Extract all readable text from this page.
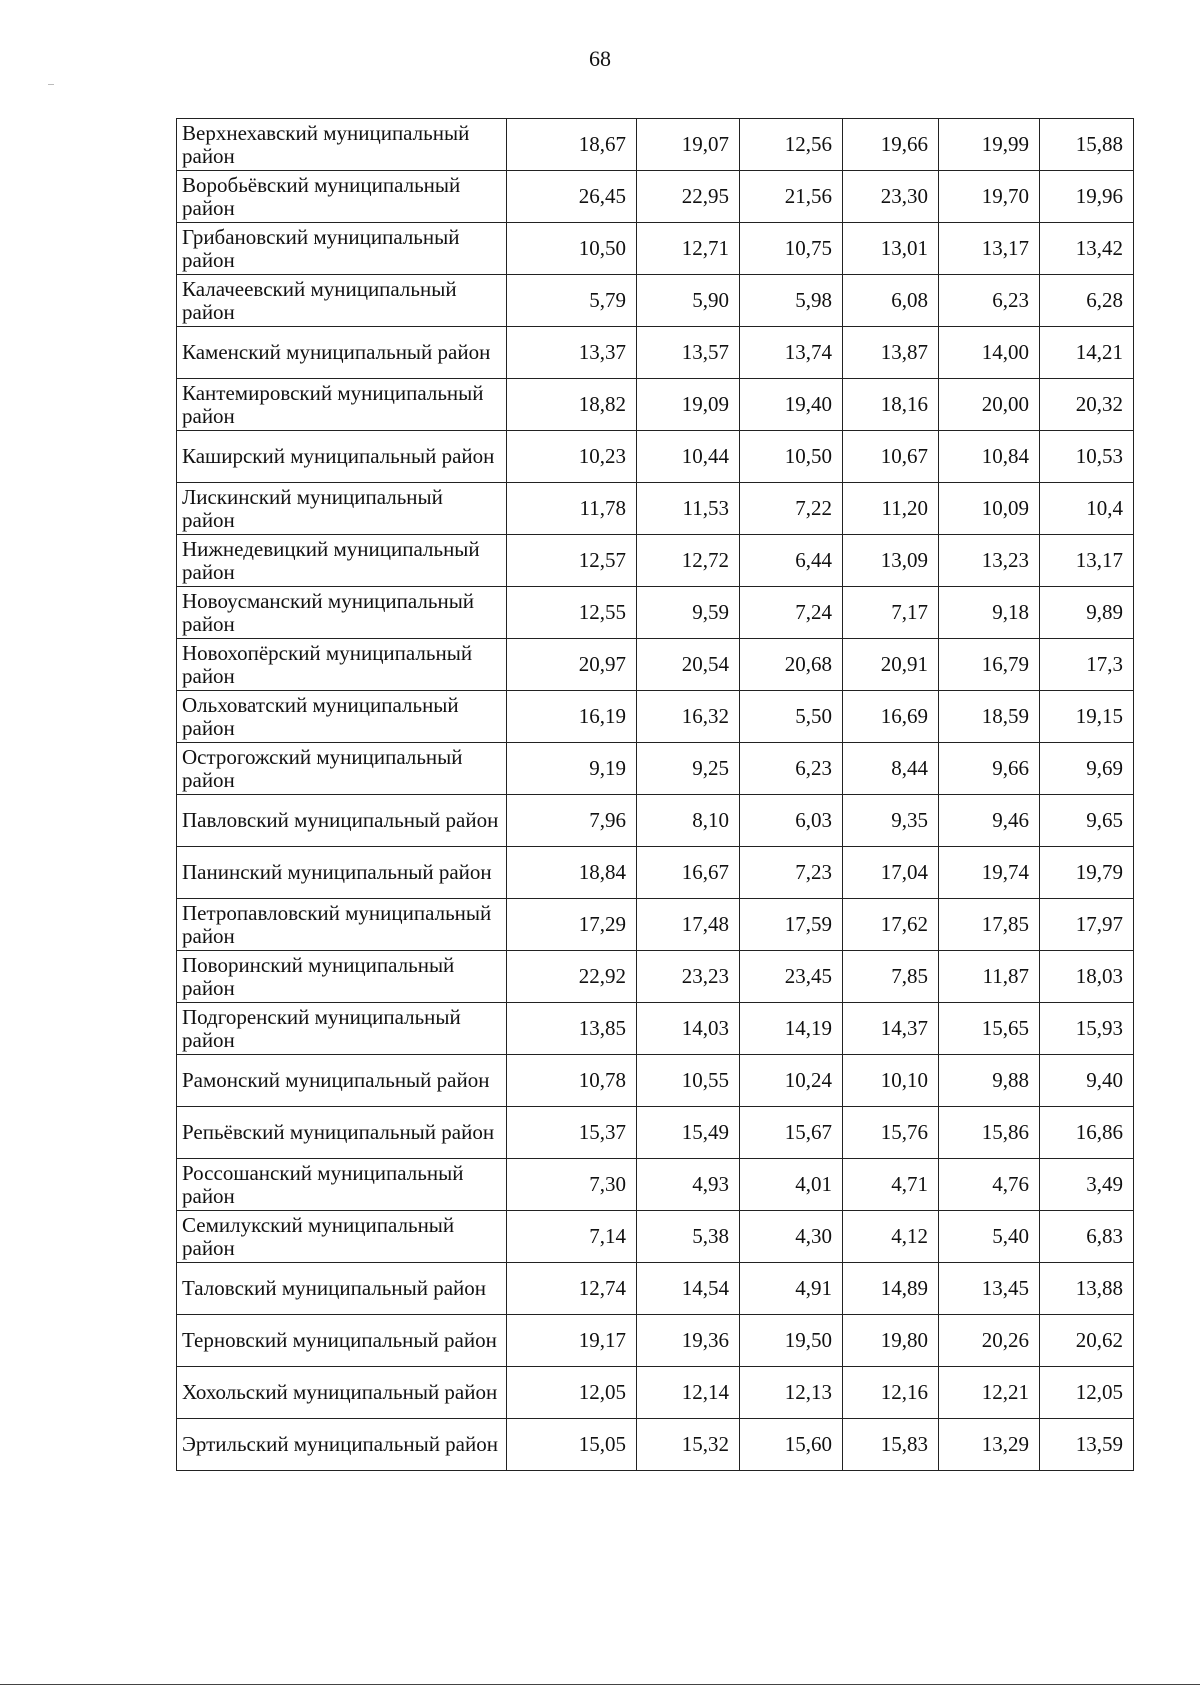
68
Верхнехавский муниципальный район	18,67	19,07	12,56	19,66	19,99	15,88
Воробьёвский муниципальный район	26,45	22,95	21,56	23,30	19,70	19,96
Грибановский муниципальный район	10,50	12,71	10,75	13,01	13,17	13,42
Калачеевский муниципальный район	5,79	5,90	5,98	6,08	6,23	6,28
Каменский муниципальный район	13,37	13,57	13,74	13,87	14,00	14,21
Кантемировский муниципальный район	18,82	19,09	19,40	18,16	20,00	20,32
Каширский муниципальный район	10,23	10,44	10,50	10,67	10,84	10,53
Лискинский муниципальный район	11,78	11,53	7,22	11,20	10,09	10,4
Нижнедевицкий муниципальный район	12,57	12,72	6,44	13,09	13,23	13,17
Новоусманский муниципальный район	12,55	9,59	7,24	7,17	9,18	9,89
Новохопёрский муниципальный район	20,97	20,54	20,68	20,91	16,79	17,3
Ольховатский муниципальный район	16,19	16,32	5,50	16,69	18,59	19,15
Острогожский муниципальный район	9,19	9,25	6,23	8,44	9,66	9,69
Павловский муниципальный район	7,96	8,10	6,03	9,35	9,46	9,65
Панинский муниципальный район	18,84	16,67	7,23	17,04	19,74	19,79
Петропавловский муниципальный район	17,29	17,48	17,59	17,62	17,85	17,97
Поворинский муниципальный район	22,92	23,23	23,45	7,85	11,87	18,03
Подгоренский муниципальный район	13,85	14,03	14,19	14,37	15,65	15,93
Рамонский муниципальный район	10,78	10,55	10,24	10,10	9,88	9,40
Репьёвский муниципальный район	15,37	15,49	15,67	15,76	15,86	16,86
Россошанский муниципальный район	7,30	4,93	4,01	4,71	4,76	3,49
Семилукский муниципальный район	7,14	5,38	4,30	4,12	5,40	6,83
Таловский муниципальный район	12,74	14,54	4,91	14,89	13,45	13,88
Терновский муниципальный район	19,17	19,36	19,50	19,80	20,26	20,62
Хохольский муниципальный район	12,05	12,14	12,13	12,16	12,21	12,05
Эртильский муниципальный район	15,05	15,32	15,60	15,83	13,29	13,59
